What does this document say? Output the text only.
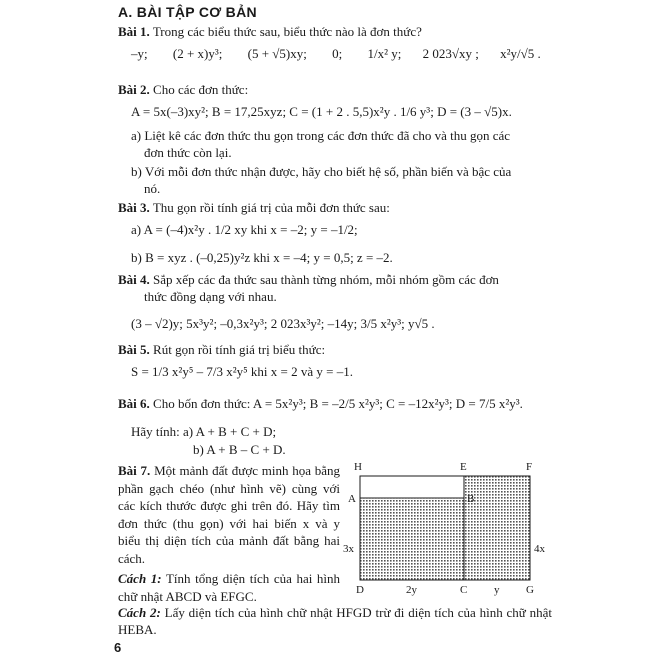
A. BÀI TẬP CƠ BẢN
Bài 1. Trong các biểu thức sau, biểu thức nào là đơn thức?
–y; (2 + x)y³; (5 + √5)xy; 0; 1/x² y; 2 023√xy ; x²y/√5 .
Bài 2. Cho các đơn thức:
A = 5x(–3)xy²; B = 17,25xyz; C = (1 + 2 . 5,5)x²y . 1/6 y³; D = (3 – √5)x.
a) Liệt kê các đơn thức thu gọn trong các đơn thức đã cho và thu gọn các
đơn thức còn lại.
b) Với mỗi đơn thức nhận được, hãy cho biết hệ số, phần biến và bậc của
nó.
Bài 3. Thu gọn rồi tính giá trị của mỗi đơn thức sau:
a) A = (–4)x²y . 1/2 xy khi x = –2; y = –1/2;
b) B = xyz . (–0,25)y²z khi x = –4; y = 0,5; z = –2.
Bài 4. Sắp xếp các đa thức sau thành từng nhóm, mỗi nhóm gồm các đơn
thức đồng dạng với nhau.
(3 – √2)y; 5x³y²; –0,3x²y³; 2 023x³y²; –14y; 3/5 x²y³; y√5 .
Bài 5. Rút gọn rồi tính giá trị biểu thức:
S = 1/3 x²y⁵ – 7/3 x²y⁵ khi x = 2 và y = –1.
Bài 6. Cho bốn đơn thức: A = 5x²y³; B = –2/5 x²y³; C = –12x²y³; D = 7/5 x²y³.
Hãy tính: a) A + B + C + D;
b) A + B – C + D.
Bài 7. Một mảnh đất được minh họa bằng phần gạch chéo (như hình vẽ) cùng với các kích thước được ghi trên đó. Hãy tìm đơn thức (thu gọn) với hai biến x và y biểu thị diện tích của mảnh đất bằng hai cách.
Cách 1: Tính tổng diện tích của hai hình chữ nhật ABCD và EFGC.
Cách 2: Lấy diện tích của hình chữ nhật HFGD trừ đi diện tích của hình chữ nhật HEBA.
H	E	F
A	B
D	C	G
3x	4x
2y	y
6
